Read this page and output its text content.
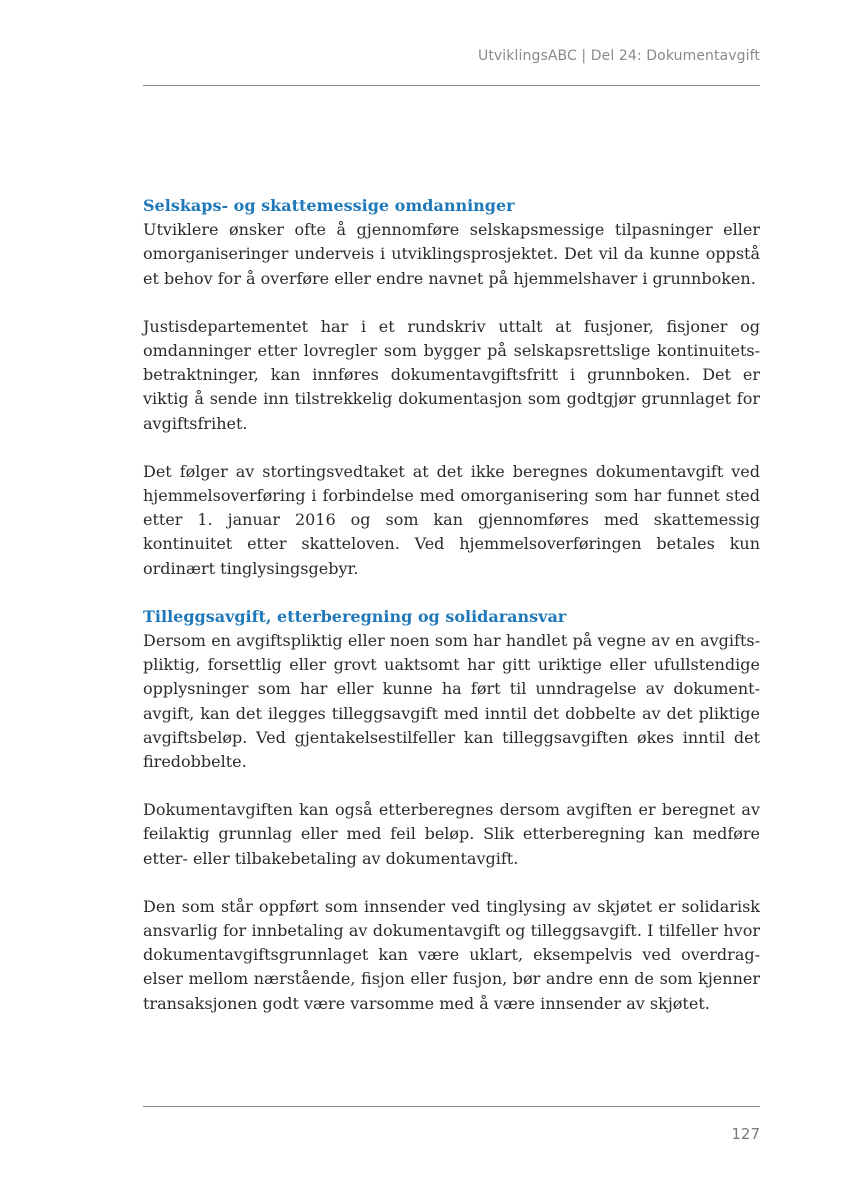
UtviklingsABC | Del 24: Dokumentavgift
Selskaps- og skattemessige omdanninger

Utviklere ønsker ofte å gjennomføre selskapsmessige tilpasninger eller omorganiseringer underveis i utviklingsprosjektet. Det vil da kunne oppstå et behov for å overføre eller endre navnet på hjemmelshaver i grunnboken.

Justisdepartementet har i et rundskriv uttalt at fusjoner, fisjoner og omdanninger etter lovregler som bygger på selskapsrettslige kontinuitetsbetraktninger, kan innføres dokumentavgiftsfritt i grunnboken. Det er viktig å sende inn tilstrekkelig dokumentasjon som godtgjør grunnlaget for avgiftsfrihet.

Det følger av stortingsvedtaket at det ikke beregnes dokumentavgift ved hjemmelsoverføring i forbindelse med omorganisering som har funnet sted etter 1. januar 2016 og som kan gjennomføres med skattemessig kontinuitet etter skatteloven. Ved hjemmelsoverføringen betales kun ordinært tinglysingsgebyr.

Tilleggsavgift, etterberegning og solidaransvar

Dersom en avgiftspliktig eller noen som har handlet på vegne av en avgiftspliktig, forsettlig eller grovt uaktsomt har gitt uriktige eller ufullstendige opplysninger som har eller kunne ha ført til unndragelse av dokumentavgift, kan det ilegges tilleggsavgift med inntil det dobbelte av det pliktige avgiftsbeløp. Ved gjentakelsestilfeller kan tilleggsavgiften økes inntil det firedobbelte.

Dokumentavgiften kan også etterberegnes dersom avgiften er beregnet av feilaktig grunnlag eller med feil beløp. Slik etterberegning kan medføre etter- eller tilbakebetaling av dokumentavgift.

Den som står oppført som innsender ved tinglysing av skjøtet er solidarisk ansvarlig for innbetaling av dokumentavgift og tilleggsavgift. I tilfeller hvor dokumentavgiftsgrunnlaget kan være uklart, eksempelvis ved overdragelser mellom nærstående, fisjon eller fusjon, bør andre enn de som kjenner transaksjonen godt være varsomme med å være innsender av skjøtet.

127
